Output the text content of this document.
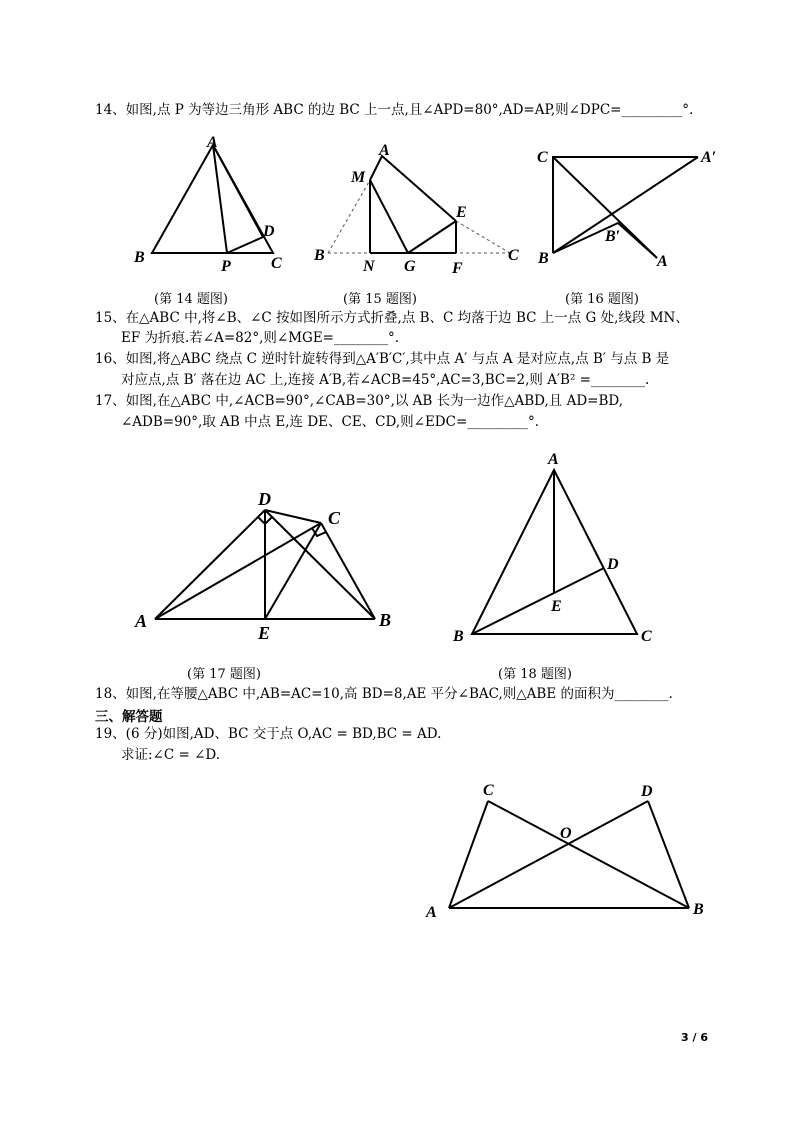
14、如图,点 P 为等边三角形 ABC 的边 BC 上一点,且∠APD=80°,AD=AP,则∠DPC=_________°.
A
B
P	C
D
A
M
E
B
N G F
C
C	A′
B′
B	A
(第 14 题图)	(第 15 题图)	(第 16 题图)
15、在△ABC 中,将∠B、∠C 按如图所示方式折叠,点 B、C 均落于边 BC 上一点 G 处,线段 MN、
EF 为折痕.若∠A=82°,则∠MGE=________°.
16、如图,将△ABC 绕点 C 逆时针旋转得到△A′B′C′,其中点 A′ 与点 A 是对应点,点 B′ 与点 B 是
对应点,点 B′ 落在边 AC 上,连接 A′B,若∠ACB=45°,AC=3,BC=2,则 A′B² =________.
17、如图,在△ABC 中,∠ACB=90°,∠CAB=30°,以 AB 长为一边作△ABD,且 AD=BD,
∠ADB=90°,取 AB 中点 E,连 DE、CE、CD,则∠EDC=_________°.
D
C
A
E
B
A
D
E
B	C
(第 17 题图)	(第 18 题图)
18、如图,在等腰△ABC 中,AB=AC=10,高 BD=8,AE 平分∠BAC,则△ABE 的面积为________.
三、解答题
19、(6 分)如图,AD、BC 交于点 O,AC = BD,BC = AD.
求证:∠C = ∠D.
C	D
O
A	B
3 / 6
